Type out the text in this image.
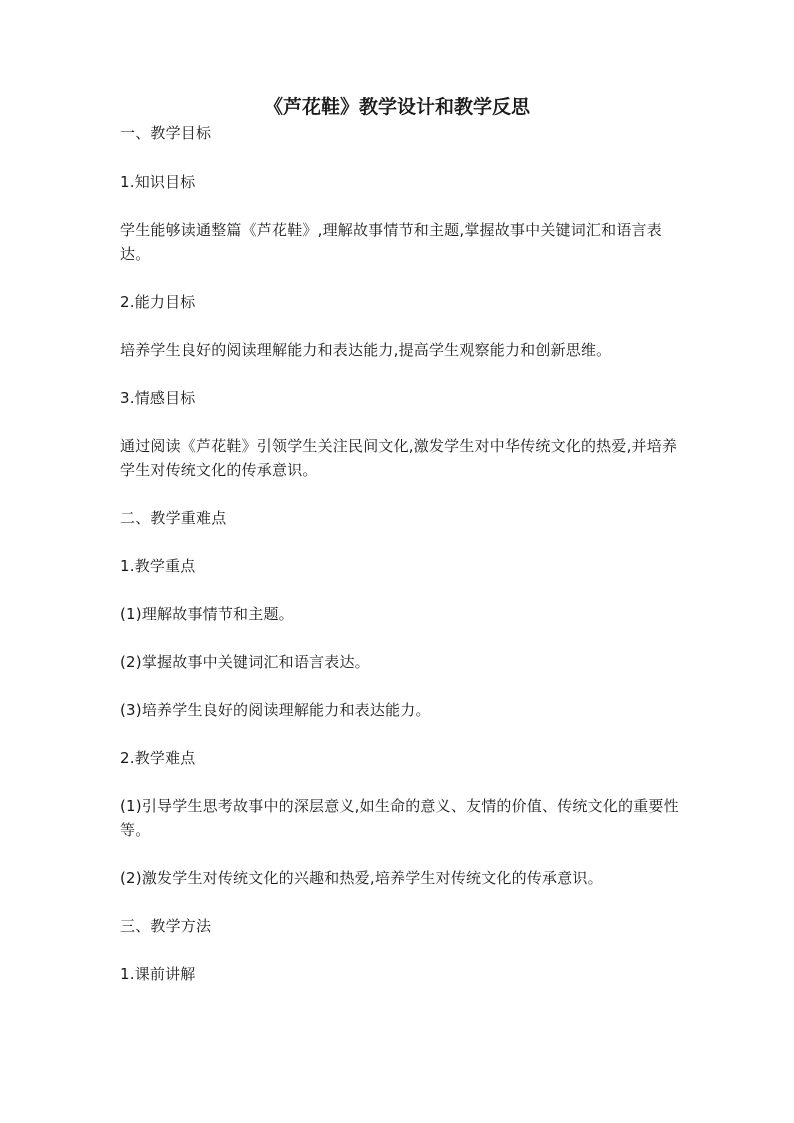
《芦花鞋》教学设计和教学反思

一、教学目标

1.知识目标

学生能够读通整篇《芦花鞋》,理解故事情节和主题,掌握故事中关键词汇和语言表达。

2.能力目标

培养学生良好的阅读理解能力和表达能力,提高学生观察能力和创新思维。

3.情感目标

通过阅读《芦花鞋》引领学生关注民间文化,激发学生对中华传统文化的热爱,并培养学生对传统文化的传承意识。

二、教学重难点

1.教学重点

(1)理解故事情节和主题。

(2)掌握故事中关键词汇和语言表达。

(3)培养学生良好的阅读理解能力和表达能力。

2.教学难点

(1)引导学生思考故事中的深层意义,如生命的意义、友情的价值、传统文化的重要性等。

(2)激发学生对传统文化的兴趣和热爱,培养学生对传统文化的传承意识。

三、教学方法

1.课前讲解
